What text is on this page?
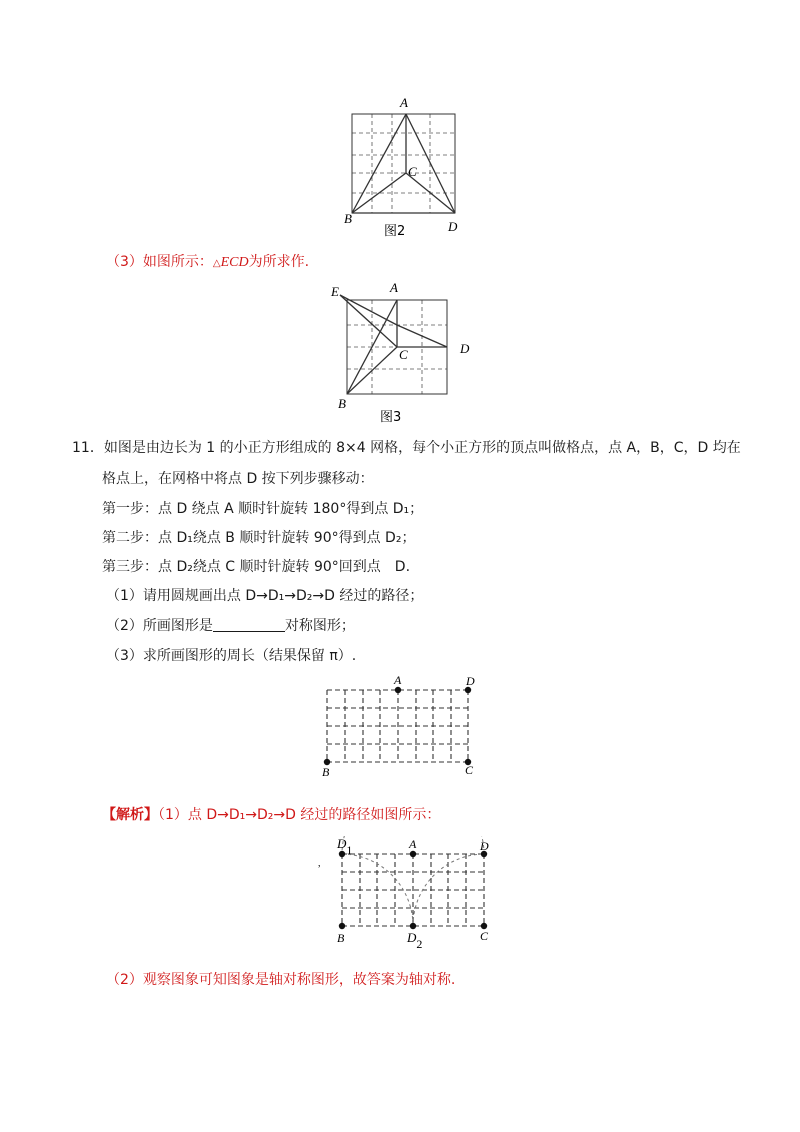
A
C
B
D
图2
（3）如图所示：△ECD为所求作.
E	A
C	D
B
图3
11．如图是由边长为 1 的小正方形组成的 8×4 网格，每个小正方形的顶点叫做格点，点 A，B，C，D 均在
格点上，在网格中将点 D 按下列步骤移动：
第一步：点 D 绕点 A 顺时针旋转 180°得到点 D₁；
第二步：点 D₁绕点 B 顺时针旋转 90°得到点 D₂；
第三步：点 D₂绕点 C 顺时针旋转 90°回到点　D.
（1）请用圆规画出点 D→D₁→D₂→D 经过的路径；
（2）所画图形是	对称图形；
（3）求所画图形的周长（结果保留 π）.
A	D
B	C
【解析】（1）点 D→D₁→D₂→D 经过的路径如图所示：
,
D1	A	D
B	D2
C
（2）观察图象可知图象是轴对称图形，故答案为轴对称.
